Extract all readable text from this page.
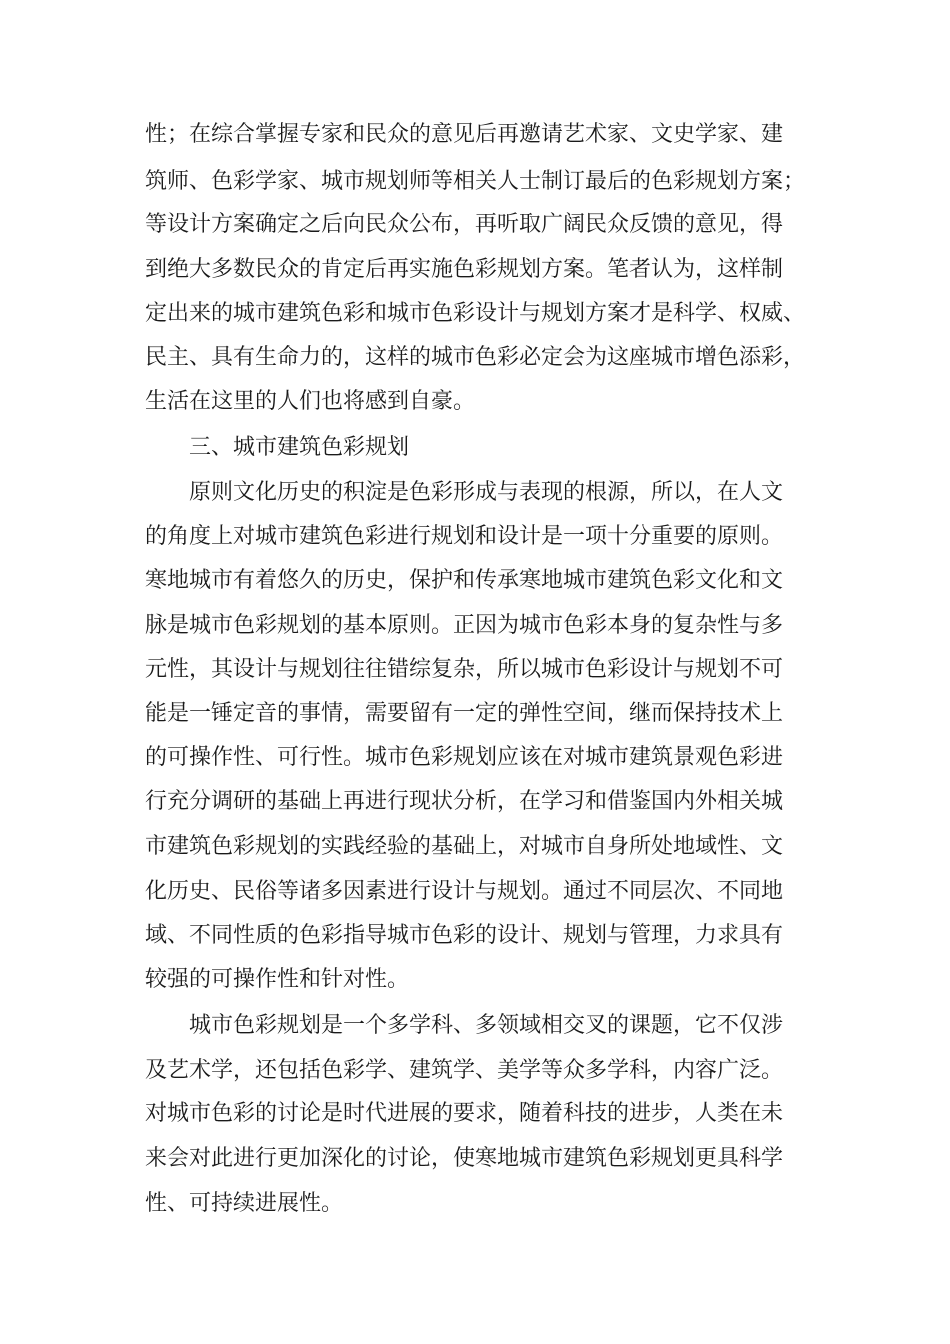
性；在综合掌握专家和民众的意见后再邀请艺术家、文史学家、建
筑师、色彩学家、城市规划师等相关人士制订最后的色彩规划方案；
等设计方案确定之后向民众公布，再听取广阔民众反馈的意见，得
到绝大多数民众的肯定后再实施色彩规划方案。笔者认为，这样制
定出来的城市建筑色彩和城市色彩设计与规划方案才是科学、权威、
民主、具有生命力的，这样的城市色彩必定会为这座城市增色添彩，
生活在这里的人们也将感到自豪。
三、城市建筑色彩规划
原则文化历史的积淀是色彩形成与表现的根源，所以，在人文
的角度上对城市建筑色彩进行规划和设计是一项十分重要的原则。
寒地城市有着悠久的历史，保护和传承寒地城市建筑色彩文化和文
脉是城市色彩规划的基本原则。正因为城市色彩本身的复杂性与多
元性，其设计与规划往往错综复杂，所以城市色彩设计与规划不可
能是一锤定音的事情，需要留有一定的弹性空间，继而保持技术上
的可操作性、可行性。城市色彩规划应该在对城市建筑景观色彩进
行充分调研的基础上再进行现状分析，在学习和借鉴国内外相关城
市建筑色彩规划的实践经验的基础上，对城市自身所处地域性、文
化历史、民俗等诸多因素进行设计与规划。通过不同层次、不同地
域、不同性质的色彩指导城市色彩的设计、规划与管理，力求具有
较强的可操作性和针对性。
城市色彩规划是一个多学科、多领域相交叉的课题，它不仅涉
及艺术学，还包括色彩学、建筑学、美学等众多学科，内容广泛。
对城市色彩的讨论是时代进展的要求，随着科技的进步，人类在未
来会对此进行更加深化的讨论，使寒地城市建筑色彩规划更具科学
性、可持续进展性。
